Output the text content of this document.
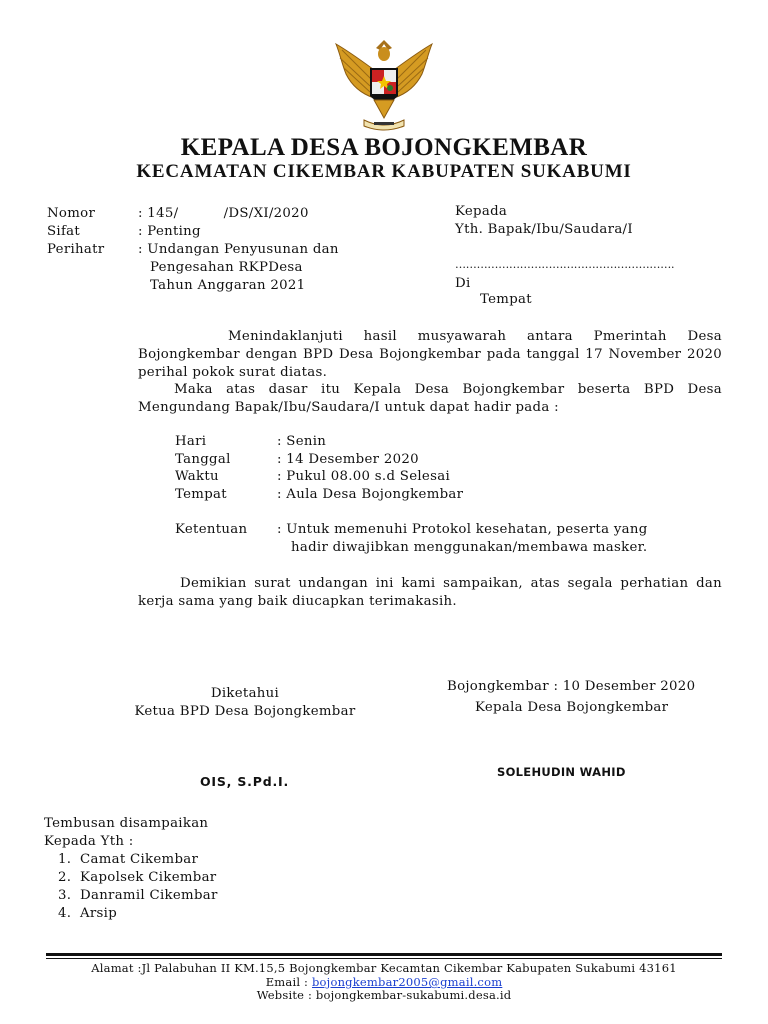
KEPALA DESA BOJONGKEMBAR
KECAMATAN CIKEMBAR KABUPATEN SUKABUMI
Nomor	: 145/          /DS/XI/2020
Sifat	: Penting
Perihatr	: Undangan Penyusunan dan
Pengesahan RKPDesa
Tahun Anggaran 2021
Kepada
Yth. Bapak/Ibu/Saudara/I
…………………………………………………….
Di
Tempat
Menindaklanjuti hasil musyawarah antara Pmerintah Desa Bojongkembar dengan BPD Desa Bojongkembar pada tanggal 17 November 2020 perihal pokok surat diatas.
Maka atas dasar itu Kepala Desa Bojongkembar beserta BPD Desa Mengundang Bapak/Ibu/Saudara/I untuk dapat hadir pada :
Hari	: Senin
Tanggal	: 14 Desember 2020
Waktu	: Pukul 08.00 s.d Selesai
Tempat	: Aula Desa Bojongkembar
Ketentuan : Untuk memenuhi Protokol kesehatan, peserta yang
hadir diwajibkan menggunakan/membawa masker.
Demikian surat undangan ini kami sampaikan, atas segala perhatian dan kerja sama yang baik diucapkan terimakasih.
Diketahui
Ketua BPD Desa Bojongkembar
OIS, S.Pd.I.
Bojongkembar : 10 Desember 2020
Kepala Desa Bojongkembar
SOLEHUDIN WAHID
Tembusan disampaikan
Kepada Yth :
1. Camat Cikembar
2. Kapolsek Cikembar
3. Danramil Cikembar
4. Arsip
Alamat :Jl Palabuhan II KM.15,5 Bojongkembar Kecamtan Cikembar Kabupaten Sukabumi 43161
Email : bojongkembar2005@gmail.com
Website : bojongkembar-sukabumi.desa.id
